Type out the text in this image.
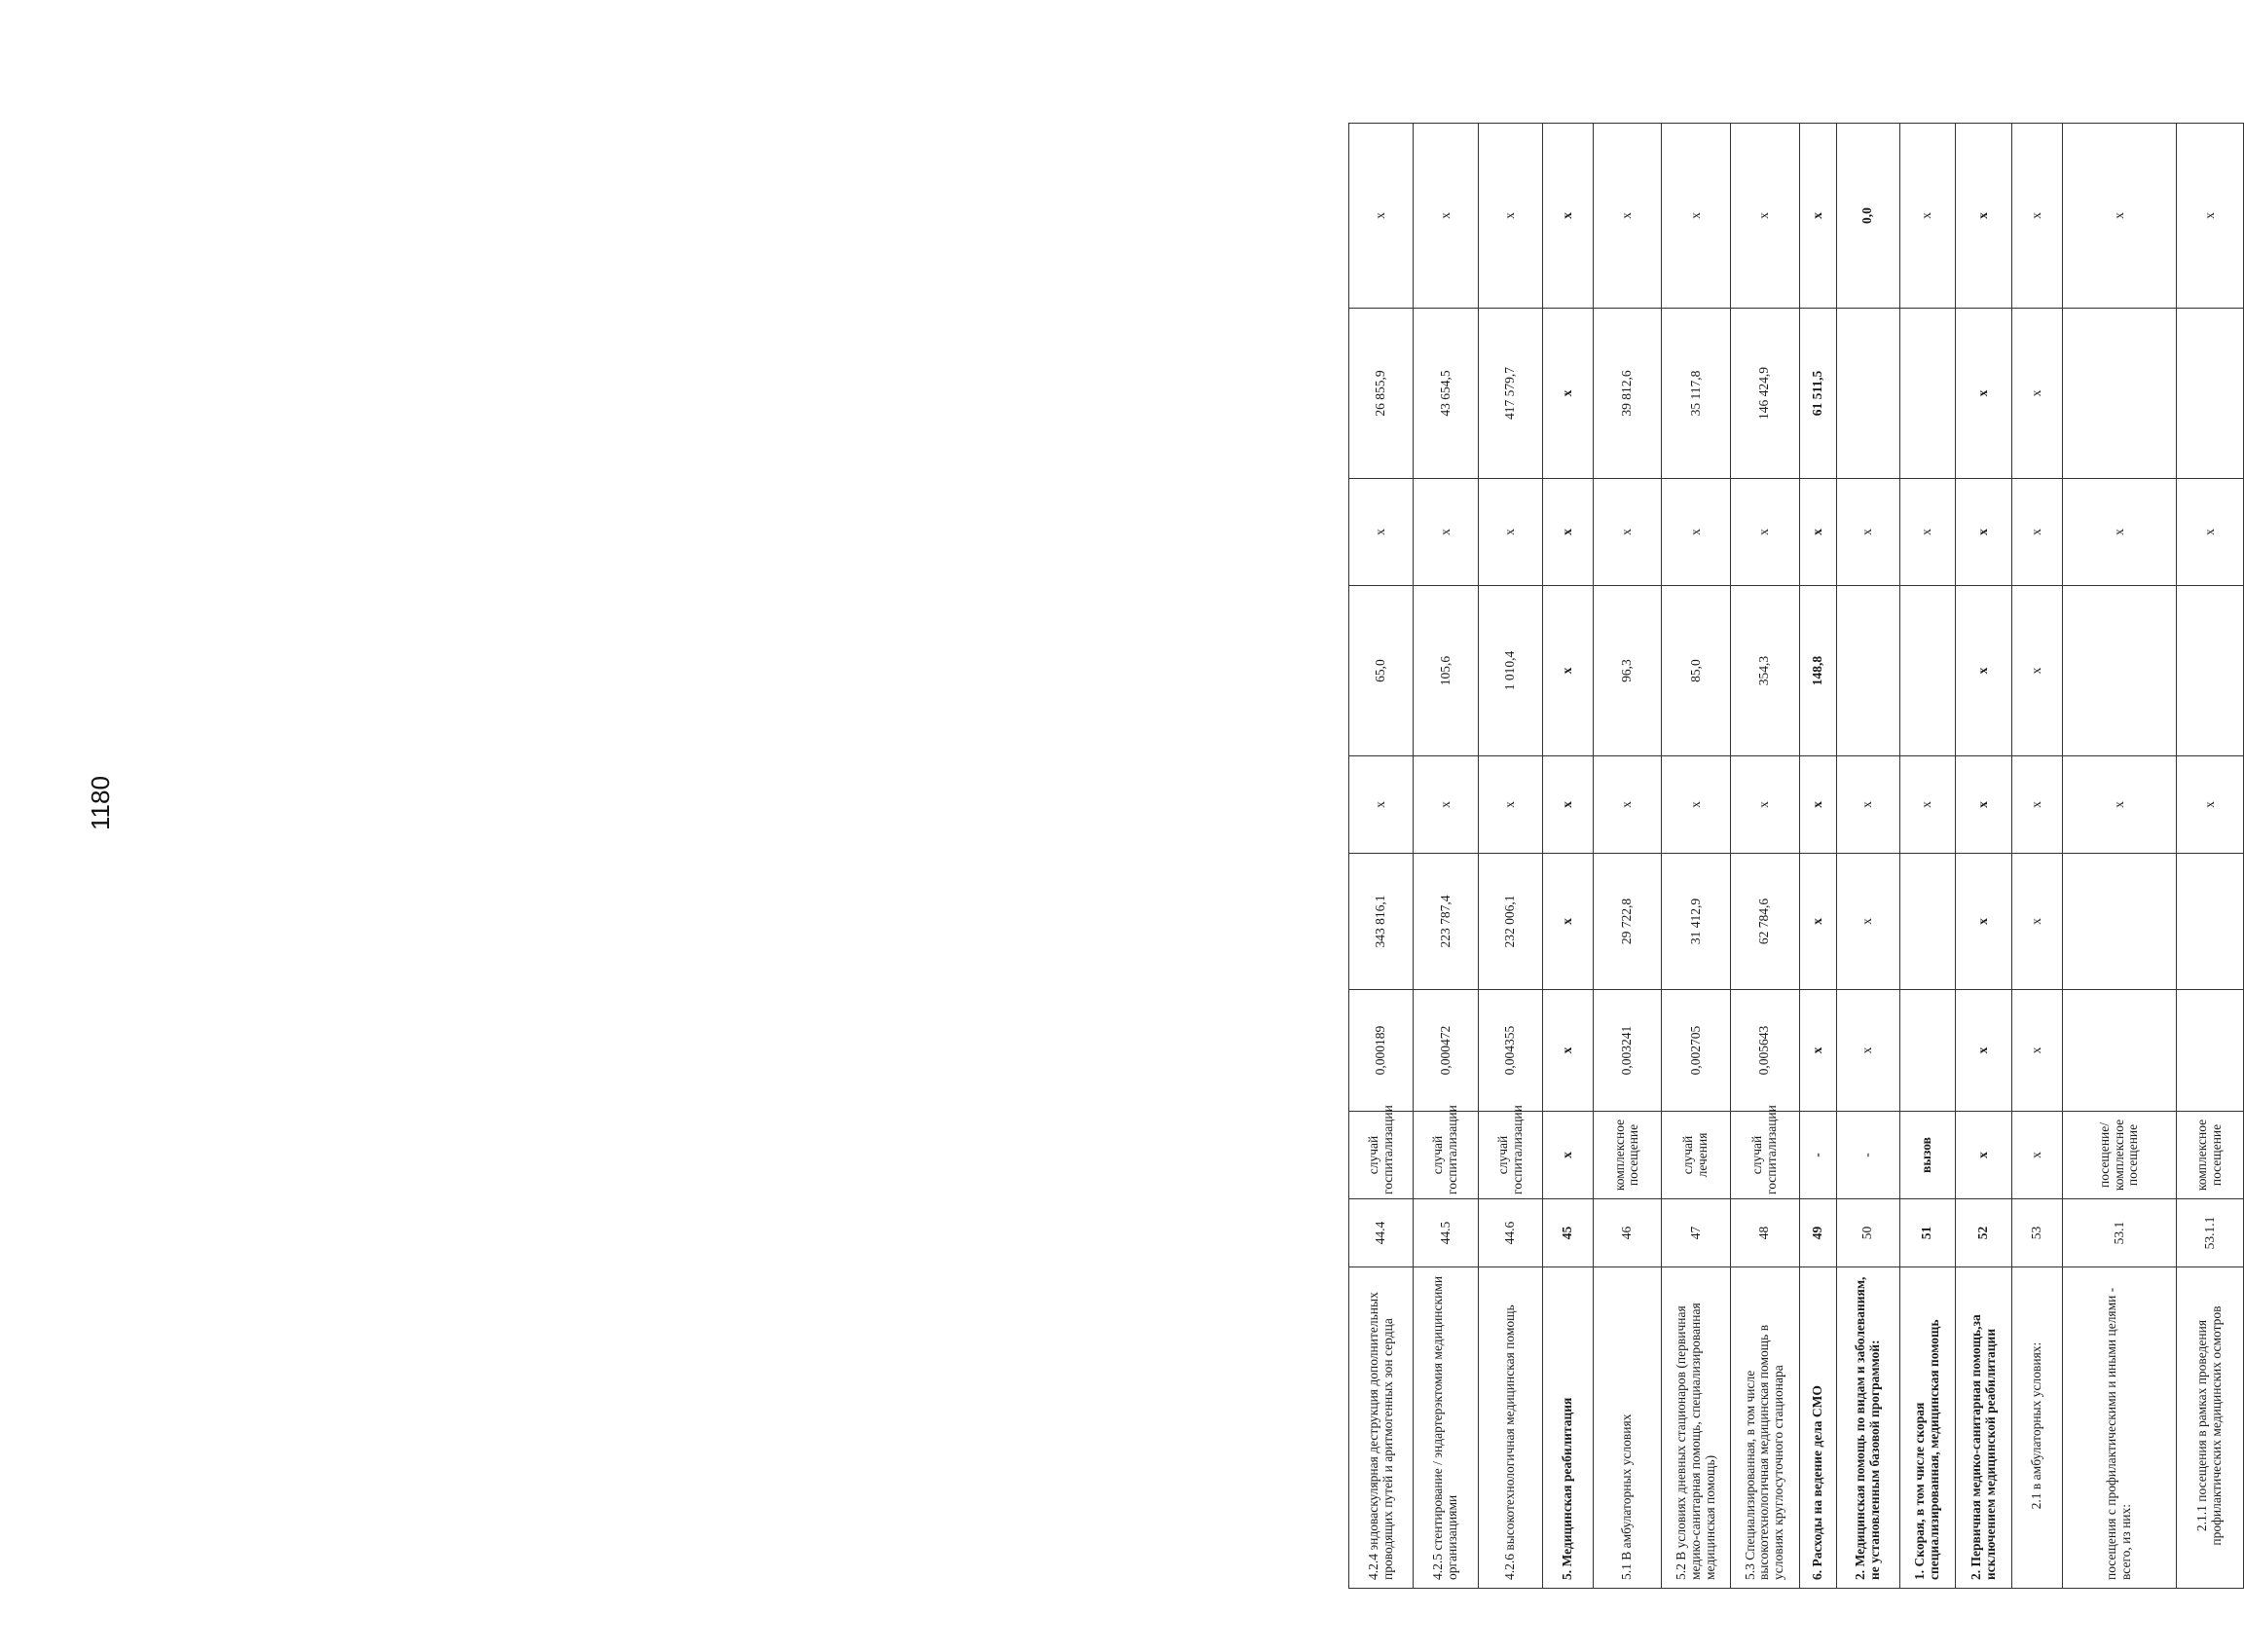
1180
4.2.4 эндоваскулярная деструкция дополнительных проводящих путей и аритмогенных зон сердца	44.4	случай госпитализации	0,000189	343 816,1	х	65,0	х	26 855,9	х
4.2.5 стентирование / эндартерэктомия медицинскими организациями	44.5	случай госпитализации	0,000472	223 787,4	х	105,6	х	43 654,5	х
4.2.6 высокотехнологичная медицинская помощь	44.6	случай госпитализации	0,004355	232 006,1	х	1 010,4	х	417 579,7	х
5. Медицинская реабилитация	45	х	х	х	х	х	х	х	х
5.1 В амбулаторных условиях	46	комплексное посещение	0,003241	29 722,8	х	96,3	х	39 812,6	х
5.2 В условиях дневных стационаров (первичная медико-санитарная помощь, специализированная медицинская помощь)	47	случай лечения	0,002705	31 412,9	х	85,0	х	35 117,8	х
5.3 Специализированная, в том числе высокотехнологичная медицинская помощь в условиях круглосуточного стационара	48	случай госпитализации	0,005643	62 784,6	х	354,3	х	146 424,9	х
6. Расходы на ведение дела СМО	49	-	х	х	х	148,8	х	61 511,5	х
2. Медицинская помощь по видам и заболеваниям, не установленным базовой программой:	50	-	х	х	х		х		0,0
1. Скорая, в том числе скорая специализированная, медицинская помощь	51	вызов			х		х		х
2. Первичная медико-санитарная помощь,за исключением медицинской реабилитации	52	х	х	х	х	х	х	х	х
2.1 в амбулаторных условиях:	53	х	х	х	х	х	х	х	х
посещения с профилактическими и иными целями - всего, из них:	53.1	посещение/ комплексное посещение			х		х		х
2.1.1 посещения в рамках проведения профилактических медицинских осмотров	53.1.1	комплексное посещение			х		х		х
